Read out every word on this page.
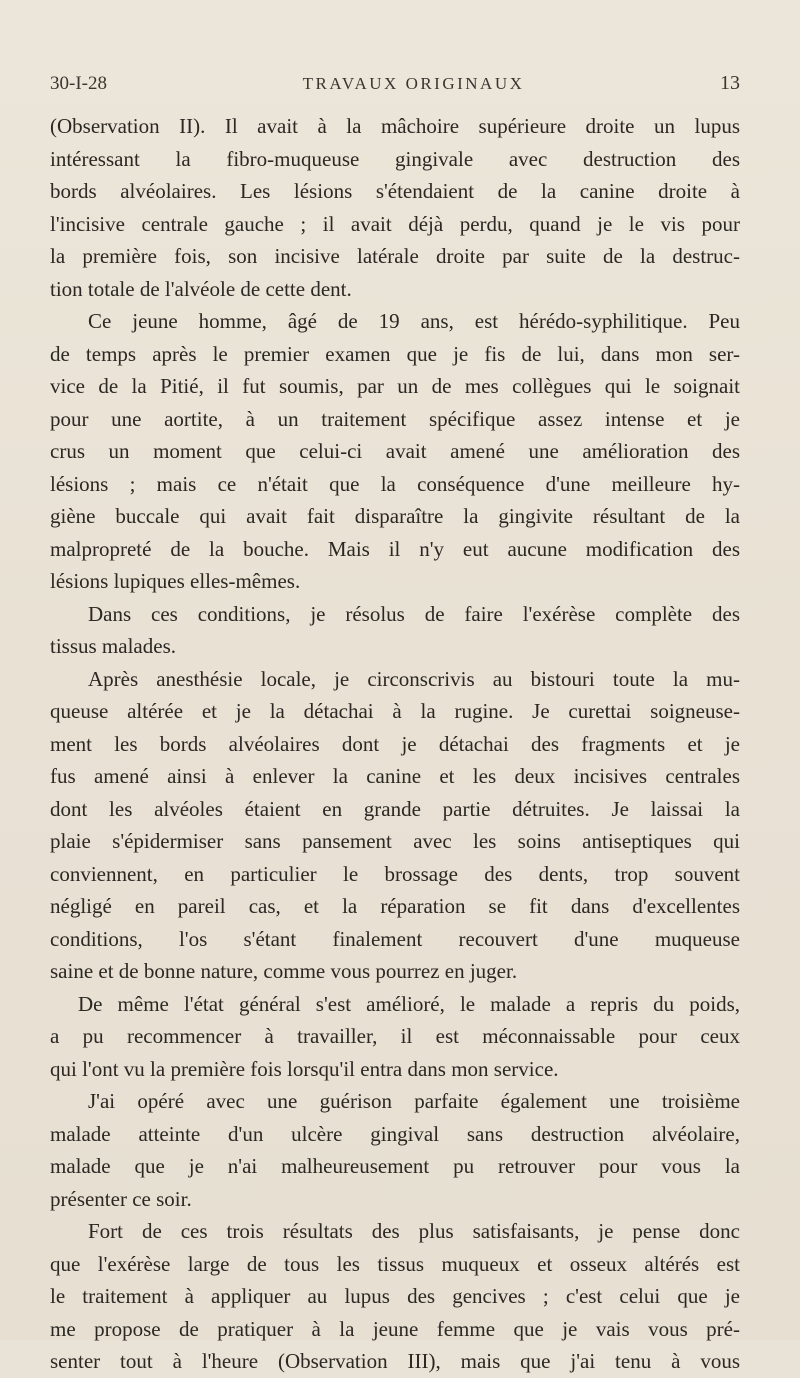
30-I-28	TRAVAUX ORIGINAUX	13
(Observation II). Il avait à la mâchoire supérieure droite un lupus
intéressant la fibro-muqueuse gingivale avec destruction des
bords alvéolaires. Les lésions s'étendaient de la canine droite à
l'incisive centrale gauche ; il avait déjà perdu, quand je le vis pour
la première fois, son incisive latérale droite par suite de la destruc-
tion totale de l'alvéole de cette dent.
Ce jeune homme, âgé de 19 ans, est hérédo-syphilitique. Peu
de temps après le premier examen que je fis de lui, dans mon ser-
vice de la Pitié, il fut soumis, par un de mes collègues qui le soignait
pour une aortite, à un traitement spécifique assez intense et je
crus un moment que celui-ci avait amené une amélioration des
lésions ; mais ce n'était que la conséquence d'une meilleure hy-
giène buccale qui avait fait disparaître la gingivite résultant de la
malpropreté de la bouche. Mais il n'y eut aucune modification des
lésions lupiques elles-mêmes.
Dans ces conditions, je résolus de faire l'exérèse complète des
tissus malades.
Après anesthésie locale, je circonscrivis au bistouri toute la mu-
queuse altérée et je la détachai à la rugine. Je curettai soigneuse-
ment les bords alvéolaires dont je détachai des fragments et je
fus amené ainsi à enlever la canine et les deux incisives centrales
dont les alvéoles étaient en grande partie détruites. Je laissai la
plaie s'épidermiser sans pansement avec les soins antiseptiques qui
conviennent, en particulier le brossage des dents, trop souvent
négligé en pareil cas, et la réparation se fit dans d'excellentes
conditions, l'os s'étant finalement recouvert d'une muqueuse
saine et de bonne nature, comme vous pourrez en juger.
De même l'état général s'est amélioré, le malade a repris du poids,
a pu recommencer à travailler, il est méconnaissable pour ceux
qui l'ont vu la première fois lorsqu'il entra dans mon service.
J'ai opéré avec une guérison parfaite également une troisième
malade atteinte d'un ulcère gingival sans destruction alvéolaire,
malade que je n'ai malheureusement pu retrouver pour vous la
présenter ce soir.
Fort de ces trois résultats des plus satisfaisants, je pense donc
que l'exérèse large de tous les tissus muqueux et osseux altérés est
le traitement à appliquer au lupus des gencives ; c'est celui que je
me propose de pratiquer à la jeune femme que je vais vous pré-
senter tout à l'heure (Observation III), mais que j'ai tenu à vous
